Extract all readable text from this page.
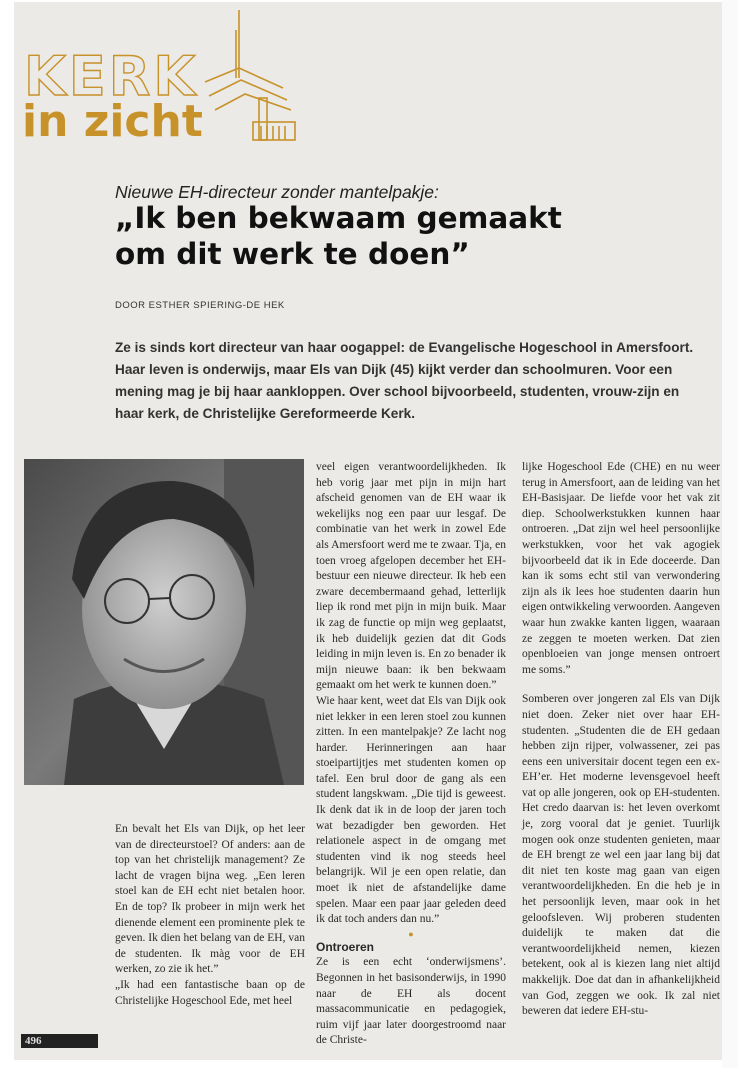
KERK
in zicht
Nieuwe EH-directeur zonder mantelpakje:
„Ik ben bekwaam gemaakt
om dit werk te doen”
DOOR ESTHER SPIERING-DE HEK
Ze is sinds kort directeur van haar oogappel: de Evangelische Hogeschool in Amersfoort. Haar leven is onderwijs, maar Els van Dijk (45) kijkt verder dan schoolmuren. Voor een mening mag je bij haar aankloppen. Over school bijvoorbeeld, studenten, vrouw-zijn en haar kerk, de Christelijke Gereformeerde Kerk.

En bevalt het Els van Dijk, op het leer van de directeurstoel? Of anders: aan de top van het christelijk management? Ze lacht de vragen bijna weg. „Een leren stoel kan de EH echt niet betalen hoor. En de top? Ik probeer in mijn werk het dienende element een prominente plek te geven. Ik dien het belang van de EH, van de studenten. Ik màg voor de EH werken, zo zie ik het.”

„Ik had een fantastische baan op de Christelijke Hogeschool Ede, met heel

veel eigen verantwoordelijkheden. Ik heb vorig jaar met pijn in mijn hart afscheid genomen van de EH waar ik wekelijks nog een paar uur lesgaf. De combinatie van het werk in zowel Ede als Amersfoort werd me te zwaar. Tja, en toen vroeg afgelopen december het EH-bestuur een nieuwe directeur. Ik heb een zware decembermaand gehad, letterlijk liep ik rond met pijn in mijn buik. Maar ik zag de functie op mijn weg geplaatst, ik heb duidelijk gezien dat dit Gods leiding in mijn leven is. En zo benader ik mijn nieuwe baan: ik ben bekwaam gemaakt om het werk te kunnen doen.”

Wie haar kent, weet dat Els van Dijk ook niet lekker in een leren stoel zou kunnen zitten. In een mantelpakje? Ze lacht nog harder. Herinneringen aan haar stoeipartijtjes met studenten komen op tafel. Een brul door de gang als een student langskwam. „Die tijd is geweest. Ik denk dat ik in de loop der jaren toch wat bezadigder ben geworden. Het relationele aspect in de omgang met studenten vind ik nog steeds heel belangrijk. Wil je een open relatie, dan moet ik niet de afstandelijke dame spelen. Maar een paar jaar geleden deed ik dat toch anders dan nu.”

●

Ontroeren

Ze is een echt ‘onderwijsmens’. Begonnen in het basisonderwijs, in 1990 naar de EH als docent massacommunicatie en pedagogiek, ruim vijf jaar later doorgestroomd naar de Christe-

lijke Hogeschool Ede (CHE) en nu weer terug in Amersfoort, aan de leiding van het EH-Basisjaar. De liefde voor het vak zit diep. Schoolwerkstukken kunnen haar ontroeren. „Dat zijn wel heel persoonlijke werkstukken, voor het vak agogiek bijvoorbeeld dat ik in Ede doceerde. Dan kan ik soms echt stil van verwondering zijn als ik lees hoe studenten daarin hun eigen ontwikkeling verwoorden. Aangeven waar hun zwakke kanten liggen, waaraan ze zeggen te moeten werken. Dat zien openbloeien van jonge mensen ontroert me soms.”

Somberen over jongeren zal Els van Dijk niet doen. Zeker niet over haar EH-studenten. „Studenten die de EH gedaan hebben zijn rijper, volwassener, zei pas eens een universitair docent tegen een ex-EH’er. Het moderne levensgevoel heeft vat op alle jongeren, ook op EH-studenten. Het credo daarvan is: het leven overkomt je, zorg vooral dat je geniet. Tuurlijk mogen ook onze studenten genieten, maar de EH brengt ze wel een jaar lang bij dat dit niet ten koste mag gaan van eigen verantwoordelijkheden. En die heb je in het persoonlijk leven, maar ook in het geloofsleven. Wij proberen studenten duidelijk te maken dat die verantwoordelijkheid nemen, kiezen betekent, ook al is kiezen lang niet altijd makkelijk. Doe dat dan in afhankelijkheid van God, zeggen we ook. Ik zal niet beweren dat iedere EH-stu-

496
